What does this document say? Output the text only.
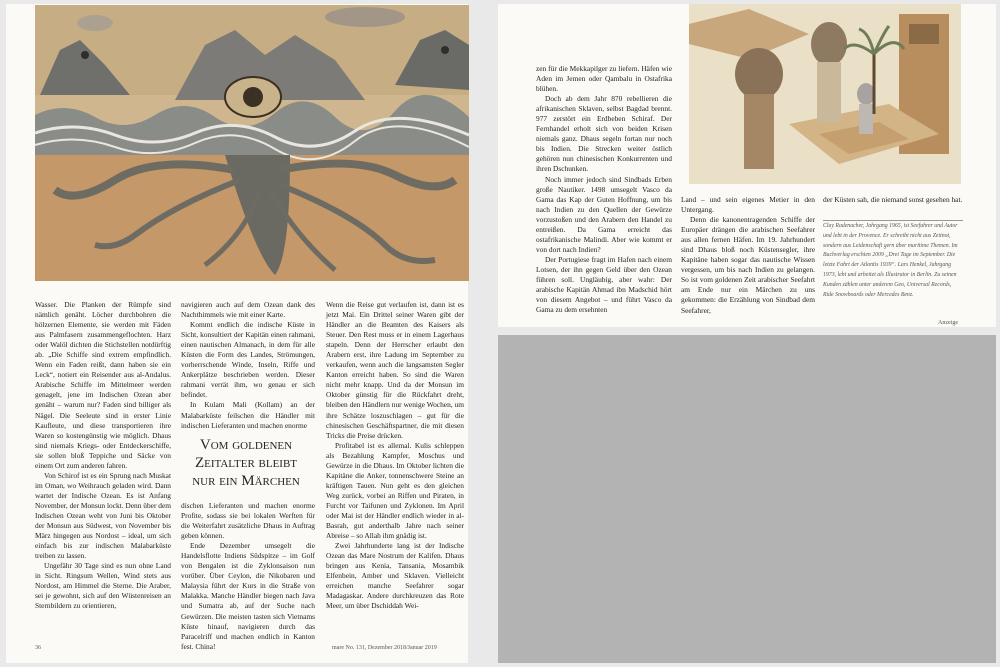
Wasser. Die Planken der Rümpfe sind nämlich genäht. Löcher durchbohren die hölzernen Elemente, sie werden mit Fäden aus Palmfasern zusammengeflochten. Harz oder Walöl dichten die Stichstellen notdürftig ab. „Die Schiffe sind extrem empfindlich. Wenn ein Faden reißt, dann haben sie ein Leck“, notiert ein Reisender aus al-Andalus. Arabische Schiffe im Mittelmeer werden genagelt, jene im Indischen Ozean aber genäht – warum nur? Faden sind billiger als Nägel. Die Seeleute sind in erster Linie Kaufleute, und diese transportieren ihre Waren so kostengünstig wie möglich. Dhaus sind niemals Kriegs- oder Entdeckerschiffe, sie sollen bloß Teppiche und Säcke von einem Ort zum anderen fahren.

Von Schirof ist es ein Sprung nach Muskat im Oman, wo Weihrauch geladen wird. Dann wartet der Indische Ozean. Es ist Anfang November, der Monsun lockt. Denn über dem Indischen Ozean weht von Juni bis Oktober der Monsun aus Südwest, von November bis März hingegen aus Nordost – ideal, um sich einfach bis zur indischen Malabarküste treiben zu lassen.

Ungefähr 30 Tage sind es nun ohne Land in Sicht. Ringsum Wellen, Wind stets aus Nordost, am Himmel die Sterne. Die Araber, sei je gewohnt, sich auf den Wüstenreisen an Sternbildern zu orientieren,

navigieren auch auf dem Ozean dank des Nachthimmels wie mit einer Karte.

Kommt endlich die indische Küste in Sicht, konsultiert der Kapitän einen rahmani, einen nautischen Almanach, in dem für alle Küsten die Form des Landes, Strömungen, vorherrschende Winde, Inseln, Riffe und Ankerplätze beschrieben werden. Dieser rahmani verrät ihm, wo genau er sich befindet.

In Kulam Mali (Kollam) an der Malabarküste feilschen die Händler mit indischen Lieferanten und machen enorme

Vom goldenen
Zeitalter bleibt
nur ein Märchen

dischen Lieferanten und machen enorme Profite, sodass sie bei lokalen Werften für die Weiterfahrt zusätzliche Dhaus in Auftrag geben können.

Ende Dezember umsegelt die Handelsflotte Indiens Südspitze – im Golf von Bengalen ist die Zyklonsaison nun vorüber. Über Ceylon, die Nikobaren und Malaysia führt der Kurs in die Straße von Malakka. Manche Händler biegen nach Java und Sumatra ab, auf der Suche nach Gewürzen. Die meisten tasten sich Vietnams Küste hinauf, navigieren durch das Paracelriff und machen endlich in Kanton fest. China!

Wenn die Reise gut verlaufen ist, dann ist es jetzt Mai. Ein Drittel seiner Waren gibt der Händler an die Beamten des Kaisers als Steuer. Den Rest muss er in einem Lagerhaus stapeln. Denn der Herrscher erlaubt den Arabern erst, ihre Ladung im September zu verkaufen, wenn auch die langsamsten Segler Kanton erreicht haben. So sind die Waren nicht mehr knapp. Und da der Monsun im Oktober günstig für die Rückfahrt dreht, bleiben den Händlern nur wenige Wochen, um ihre Schätze loszuschlagen – gut für die chinesischen Geschäftspartner, die mit diesen Tricks die Preise drücken.

Profitabel ist es allemal. Kulis schleppen als Bezahlung Kampfer, Moschus und Gewürze in die Dhaus. Im Oktober lichten die Kapitäne die Anker, tonnenschwere Steine an kräftigen Tauen. Nun geht es den gleichen Weg zurück, vorbei an Riffen und Piraten, in Furcht vor Taifunen und Zyklonen. Im April oder Mai ist der Händler endlich wieder in al-Basrah, gut anderthalb Jahre nach seiner Abreise – so Allah ihm gnädig ist.

Zwei Jahrhunderte lang ist der Indische Ozean das Mare Nostrum der Kalifen. Dhaus bringen aus Kenia, Tansania, Mosambik Elfenbein, Amber und Sklaven. Vielleicht erreichen manche Seefahrer sogar Madagaskar. Andere durchkreuzen das Rote Meer, um über Dschiddah Wei-

36	mare No. 131, Dezember 2018/Januar 2019

zen für die Mekkapilger zu liefern. Häfen wie Aden im Jemen oder Qambalu in Ostafrika blühen.

Doch ab dem Jahr 870 rebellieren die afrikanischen Sklaven, selbst Bagdad brennt. 977 zerstört ein Erdbeben Schiraf. Der Fernhandel erholt sich von beiden Krisen niemals ganz. Dhaus segeln fortan nur noch bis Indien. Die Strecken weiter östlich gehören nun chinesischen Konkurrenten und ihren Dschunken.

Noch immer jedoch sind Sindbads Erben große Nautiker. 1498 umsegelt Vasco da Gama das Kap der Guten Hoffnung, um bis nach Indien zu den Quellen der Gewürze vorzustoßen und den Arabern den Handel zu entreißen. Da Gama erreicht das ostafrikanische Malindi. Aber wie kommt er von dort nach Indien?

Der Portugiese fragt im Hafen nach einem Lotsen, der ihn gegen Geld über den Ozean führen soll. Ungläubig, aber wahr: Der arabische Kapitän Ahmad ibn Madschid hört von diesem Angebot – und führt Vasco da Gama zu dem ersehnten

Land – und sein eigenes Metier in den Untergang.

Denn die kanonentragenden Schiffe der Europäer drängen die arabischen Seefahrer aus allen fernen Häfen. Im 19. Jahrhundert sind Dhaus bloß noch Küstensegler, ihre Kapitäne haben sogar das nautische Wissen vergessen, um bis nach Indien zu gelangen. So ist vom goldenen Zeit arabischer Seefahrt am Ende nur ein Märchen zu uns gekommen: die Erzählung von Sindbad dem Seefahrer,

der Küsten sah, die niemand sonst gesehen hat.

Clay Radenacher, Jahrgang 1965, ist Seefahrer und Autor und lebt in der Provence. Er schreibt nicht aus Zeitnot, sondern aus Leidenschaft gern über maritime Themen. Im Buchverlag erschien 2009 „Drei Tage im September. Die letzte Fahrt der Atlantis 1939“. Lars Henkel, Jahrgang 1973, lebt und arbeitet als Illustrator in Berlin. Zu seinen Kunden zählen unter anderem Geo, Universal Records, Ride Snowboards oder Mercedes Benz.
Anzeige
